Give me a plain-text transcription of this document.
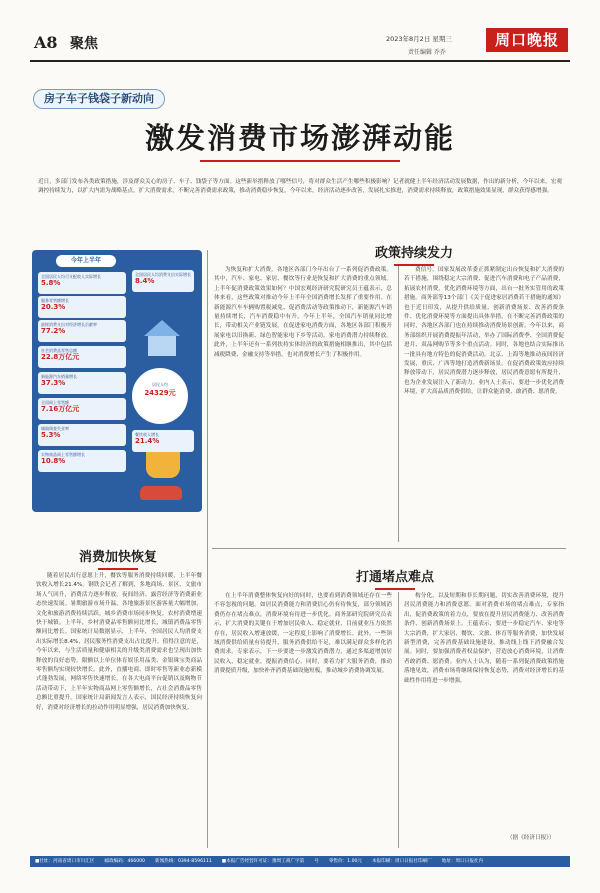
A8 聚焦	2023年8月2日 星期三
责任编辑 乔乔
周口晚报
房子车子钱袋子新动向
激发消费市场澎湃动能
近日，多部门发布各类政策措施，涉及群众关心的房子、车子、钱袋子等方面。这些新举措释放了哪些信号，将对群众生活产生哪些积极影响？记者就健上半年经济活动发展数据，作出的新分析，今年以来，宏观调控持续发力，以扩大内需为战略基点，扩大消费需求，不断完善消费需求政策，推动消费稳步恢复，今年以来，经济活动逐步改善，发展扎实推进，消费需求持续释放，政策措施效果显现，群众获得感增强。
今年上半年
居民人均
24329元
全国居民人均消费支出实际增长
8.4%
全国居民人均可支配收入实际增长
5.8%
服务零售额增长
20.3%
最终消费支出对经济增长贡献率
77.2%
社会消费品零售总额
22.8万亿元
新能源汽车销量增长
37.3%
全国网上零售额
7.16万亿元
城镇调查失业率
5.3%
实物商品网上零售额增长
10.8%
餐饮收入增长
21.4%
政策持续发力

为恢复和扩大消费，各地区各部门今年出台了一系列促消费政策。其中，汽车、家电、家居、餐饮等行业是恢复和扩大消费的重点领域。上半年促消费政策效果如何？中国宏观经济研究院研究员王蕴表示，总体来看，这些政策对推动今年上半年全国消费增长发挥了重要作用。在新能源汽车车辆购置税减免、促消费活动等政策推动下，新能源汽车销量持续增长，汽车消费稳中有升。今年上半年，全国汽车销量同比增长，带动相关产业链发展。在促进家电消费方面，各地区各部门积极开展家电以旧换新、绿色智能家电下乡等活动，家电消费潜力持续释放。此外，上半年还有一系列扶持实体经济的政策措施相继推出，其中包括减税降费、金融支持等举措，也对消费增长产生了积极作用。

费信号。国家发展改革委正抓紧制定出台恢复和扩大消费的若干措施，围绕稳定大宗消费、促进汽车消费和电子产品消费，拓展农村消费，优化消费环境等方面，出台一批务实管用的政策措施。商务部等13个部门《关于促进家居消费若干措施的通知》也于近日印发，从提升供给质量、创新消费场景、改善消费条件、优化消费环境等方面提出具体举措。在不断完善消费政策的同时，各地区各部门也在持续推动消费场景创新。今年以来，商务部组织开展消费提振年活动，举办了国际消费季、全国消费促进月、双品网购节等多个重点活动。同时，各地也结合实际推出一批具有地方特色的促消费活动，北京、上海等地推动夜间经济发展，重庆、广西等地打造消费新场景。在促消费政策效应持续释放带动下，居民消费潜力逐步释放，居民消费意愿有所提升，也为企业发展注入了新动力。业内人士表示，要进一步优化消费环境，扩大高品质消费供给，让群众能消费、敢消费、愿消费。

消费加快恢复

随着居民出行意愿上升，餐饮等服务消费持续回暖，上半年餐饮收入增长21.4%。钢铁会记者了解到，多地商场、景区、文旅市场人气回升，消费活力逐步释放。夜间经济、露营经济等消费新业态快速发展。暑期旅游市场升温，各地旅游景区游客量大幅增加，文化和旅游消费持续活跃。城乡消费市场同步恢复，农村消费增速快于城镇。上半年，乡村消费品零售额同比增长，城镇消费品零售额同比增长。国家统计局数据显示，上半年，全国居民人均消费支出实际增长8.4%，居民服务性消费支出占比提升。值得注意的是，今年以来，与生活质量和健康相关的升级类消费需求也呈现出加快释放的良好态势。限额以上单位体育娱乐用品类、金银珠宝类商品零售额均实现较快增长。此外，直播电商、即时零售等新业态新模式蓬勃发展，网络零售快速增长。在各大电商平台促销以及购物节活动带动下，上半年实物商品网上零售额增长，占社会消费品零售总额比重提升。国家统计局新闻发言人表示，国民经济持续恢复向好，消费对经济增长的拉动作用明显增强，居民消费加快恢复。

打通堵点难点

在上半年消费整体恢复向好的同时，也要看到消费领域还存在一些不容忽视的问题。如居民消费能力和消费信心仍有待恢复，部分领域消费仍存在堵点难点，消费环境有待进一步优化。商务部研究院研究员表示，扩大消费的关键在于增加居民收入、稳定就业，目前就业压力依然存在，居民收入增速放缓，一定程度上影响了消费增长。此外，一些领域消费供给质量有待提升，服务消费供给不足，难以满足群众多样化消费需求。专家表示，下一步要进一步激发消费潜力，通过多渠道增加居民收入，稳定就业，提振消费信心。同时，要着力扩大服务消费，推动消费提质升级，加快补齐消费基础设施短板，推动城乡消费协调发展。

构分化，以及短期和非长期问题，切实改善消费环境，提升居民消费能力和消费意愿。面对消费市场的堵点难点，专家指出，促消费政策的着力点，要放在提升居民消费能力、改善消费条件、创新消费场景上。王蕴表示，要进一步稳定汽车、家电等大宗消费，扩大家居、餐饮、文旅、体育等服务消费，加快发展新型消费，完善消费基础设施建设，推动线上线下消费融合发展。同时，要加强消费者权益保护，营造放心消费环境，让消费者敢消费、愿消费。业内人士认为，随着一系列促消费政策措施落地见效，消费市场将继续保持恢复态势，消费对经济增长的基础性作用将进一步增强。

（据《经济日报》）
■社址：河南省周口市川汇区 邮政编码：466000 新闻热线：0394-8596111 ■本报广告经营许可证：豫周工商广字第 号 零售价：1.00元 本报印刷：周口日报社印刷厂 地址：周口日报社内
